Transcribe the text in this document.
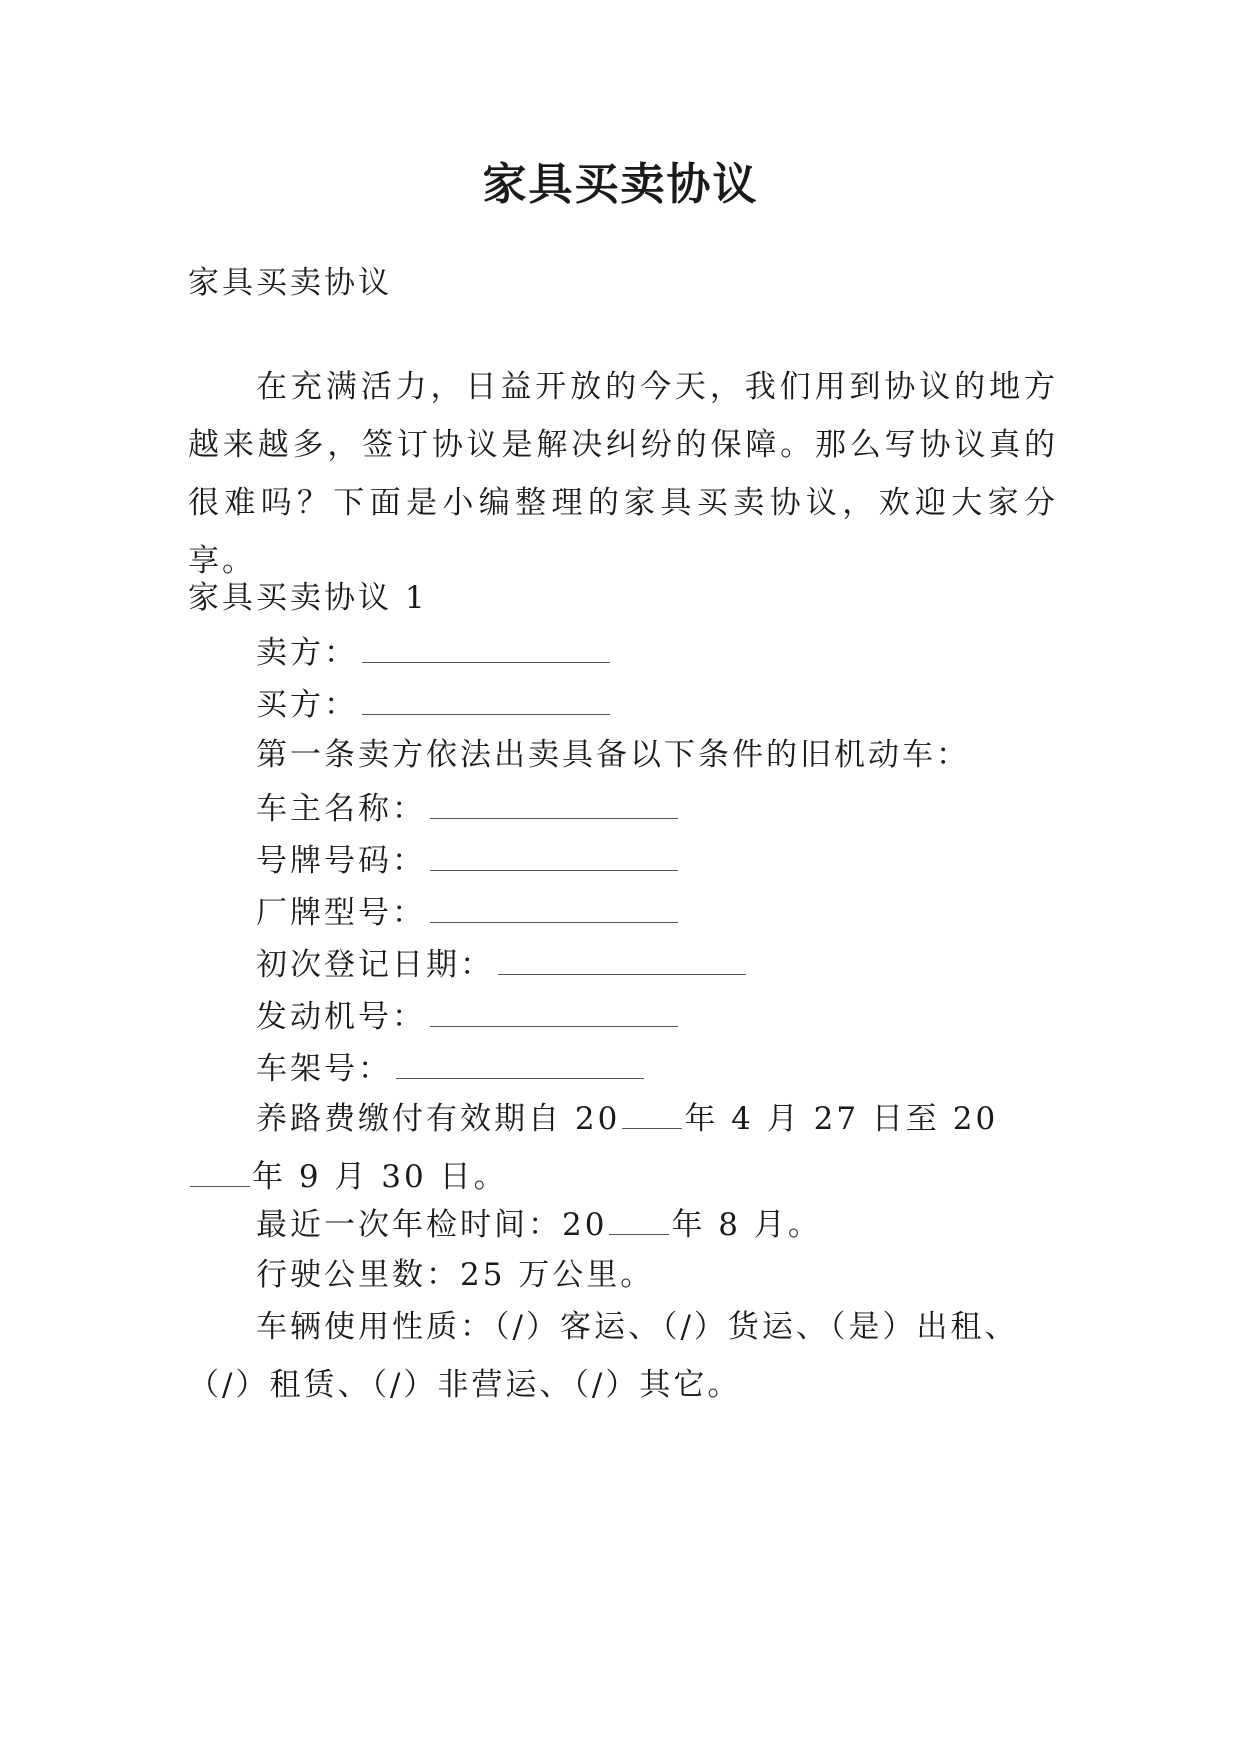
家具买卖协议
家具买卖协议
在充满活力，日益开放的今天，我们用到协议的地方越来越多，签订协议是解决纠纷的保障。那么写协议真的很难吗？下面是小编整理的家具买卖协议，欢迎大家分享。
家具买卖协议 1
卖方：
买方：
第一条卖方依法出卖具备以下条件的旧机动车：
车主名称：
号牌号码：
厂牌型号：
初次登记日期：
发动机号：
车架号：
养路费缴付有效期自 20 年 4 月 27 日至 20年 9 月 30 日。
最近一次年检时间：20 年 8 月。
行驶公里数：25 万公里。
车辆使用性质：（/）客运、（/）货运、（是）出租、（/）租赁、（/）非营运、（/）其它。
